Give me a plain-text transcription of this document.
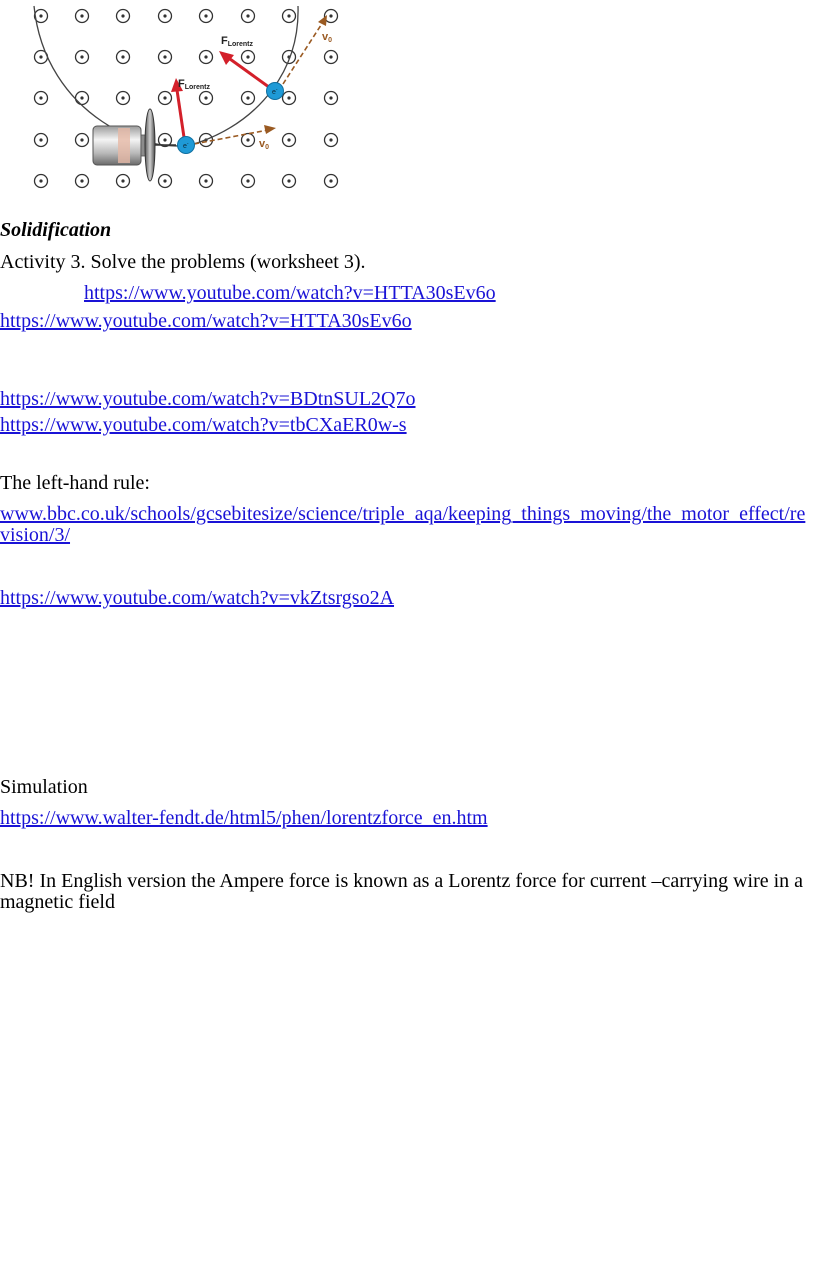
v0
v0
FLorentz
FLorentz
e-
e-
Solidification
Activity 3. Solve the problems (worksheet 3).
https://www.youtube.com/watch?v=HTTA30sEv6o
https://www.youtube.com/watch?v=HTTA30sEv6o
https://www.youtube.com/watch?v=BDtnSUL2Q7o
https://www.youtube.com/watch?v=tbCXaER0w-s
The left-hand rule:
www.bbc.co.uk/schools/gcsebitesize/science/triple_aqa/keeping_things_moving/the_motor_effect/revision/3/
https://www.youtube.com/watch?v=vkZtsrgso2A
Simulation
https://www.walter-fendt.de/html5/phen/lorentzforce_en.htm
NB! In English version the Ampere force is known as a Lorentz force for current –carrying wire in a magnetic field
